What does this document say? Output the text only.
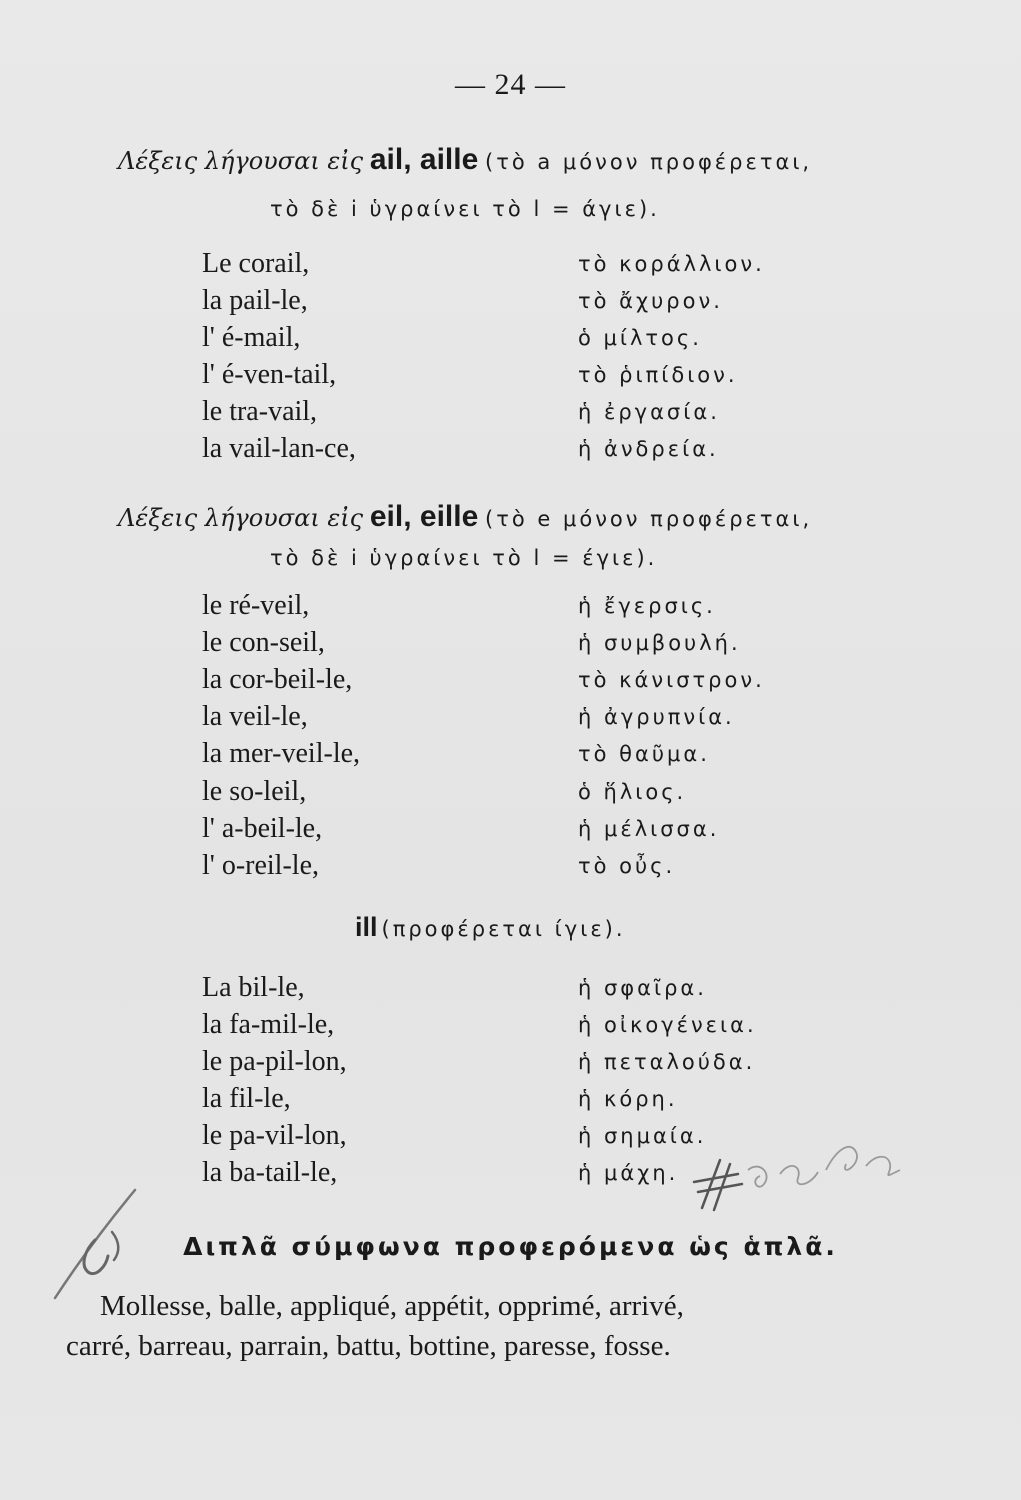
— 24 —
Λέξεις λήγουσαι εἰς ail, aille (τὸ a μόνον προφέρεται,
τὸ δὲ i ὑγραίνει τὸ l = άγιε).
Le corail,	τὸ κοράλλιον.
la pail-le,	τὸ ἄχυρον.
l' é-mail,	ὁ μίλτος.
l' é-ven-tail,	τὸ ῥιπίδιον.
le tra-vail,	ἡ ἐργασία.
la vail-lan-ce,	ἡ ἀνδρεία.
Λέξεις λήγουσαι εἰς eil, eille (τὸ e μόνον προφέρεται,
τὸ δὲ i ὑγραίνει τὸ l = έγιε).
le ré-veil,	ἡ ἔγερσις.
le con-seil,	ἡ συμβουλή.
la cor-beil-le,	τὸ κάνιστρον.
la veil-le,	ἡ ἀγρυπνία.
la mer-veil-le,	τὸ θαῦμα.
le so-leil,	ὁ ἥλιος.
l' a-beil-le,	ἡ μέλισσα.
l' o-reil-le,	τὸ οὖς.
ill (προφέρεται ίγιε).
La bil-le,	ἡ σφαῖρα.
la fa-mil-le,	ἡ οἰκογένεια.
le pa-pil-lon,	ἡ πεταλούδα.
la fil-le,	ἡ κόρη.
le pa-vil-lon,	ἡ σημαία.
la ba-tail-le,	ἡ μάχη.
Διπλᾶ σύμφωνα προφερόμενα ὡς ἁπλᾶ.
Mollesse, balle, appliqué, appétit, opprimé, arrivé,
carré, barreau, parrain, battu, bottine, paresse, fosse.
